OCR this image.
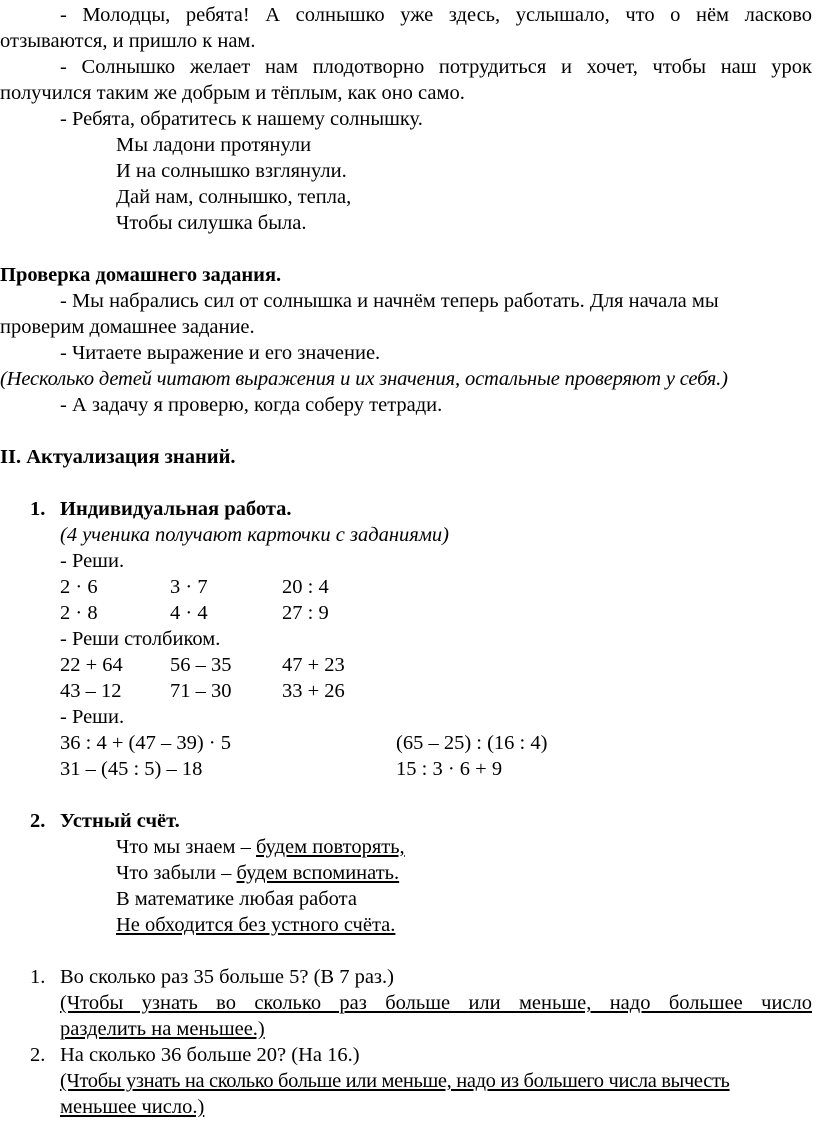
- Молодцы, ребята! А солнышко уже здесь, услышало, что о нём ласково
отзываются, и пришло к нам.
- Солнышко желает нам плодотворно потрудиться и хочет, чтобы наш урок
получился таким же добрым и тёплым, как оно само.
- Ребята, обратитесь к нашему солнышку.
Мы ладони протянули
И на солнышко взглянули.
Дай нам, солнышко, тепла,
Чтобы силушка была.
Проверка домашнего задания.
- Мы набрались сил от солнышка и начнём теперь работать. Для начала мы
проверим домашнее задание.
- Читаете выражение и его значение.
(Несколько детей читают выражения и их значения, остальные проверяют у себя.)
- А задачу я проверю, когда соберу тетради.
II. Актуализация знаний.
1. Индивидуальная работа.
(4 ученика получают карточки с заданиями)
- Реши.
2 · 6	3 · 7	20 : 4
2 · 8	4 · 4	27 : 9
- Реши столбиком.
22 + 64 56 – 35 47 + 23
43 – 12 71 – 30 33 + 26
- Реши.
36 : 4 + (47 – 39) · 5	(65 – 25) : (16 : 4)
31 – (45 : 5) – 18	15 : 3 · 6 + 9
2. Устный счёт.
Что мы знаем – будем повторять,
Что забыли – будем вспоминать.
В математике любая работа
Не обходится без устного счёта.
1. Во сколько раз 35 больше 5? (В 7 раз.)
(Чтобы узнать во сколько раз больше или меньше, надо большее число
разделить на меньшее.)
2. На сколько 36 больше 20? (На 16.)
(Чтобы узнать на сколько больше или меньше, надо из большего числа вычесть
меньшее число.)
